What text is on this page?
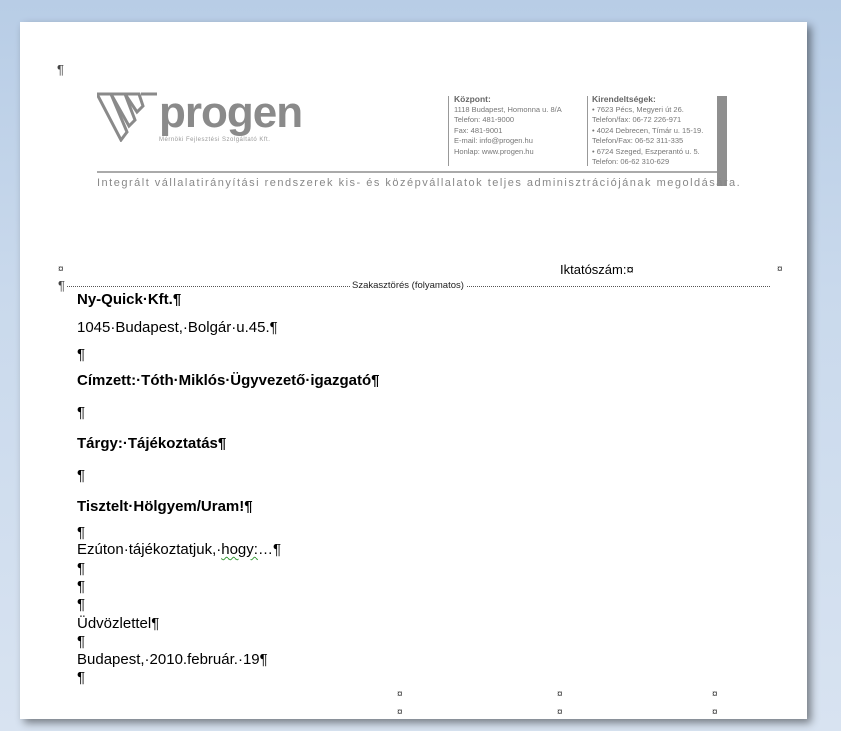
¶
progen
Mérnöki Fejlesztési Szolgáltató Kft.
Központ:
1118 Budapest, Homonna u. 8/A
Telefon: 481-9000
Fax: 481-9001
E-mail: info@progen.hu
Honlap: www.progen.hu
Kirendeltségek:
• 7623 Pécs, Megyeri út 26.
Telefon/fax: 06-72 226-971
• 4024 Debrecen, Tímár u. 15-19.
Telefon/Fax: 06-52 311-335
• 6724 Szeged, Eszperantó u. 5.
Telefon: 06-62 310-629
Integrált vállalatirányítási rendszerek kis- és középvállalatok teljes adminisztrációjának megoldására.
¤	Iktatószám:¤	¤
¶	Szakasztörés (folyamatos)
Ny-Quick·Kft.¶
1045·Budapest,·Bolgár·u.45.¶
¶
Címzett:·Tóth·Miklós·Ügyvezető·igazgató¶
¶
Tárgy:·Tájékoztatás¶
¶
Tisztelt·Hölgyem/Uram!¶
¶
Ezúton·tájékoztatjuk,·hogy:…¶
¶
¶
¶
Üdvözlettel¶
¶
Budapest,·2010.február.·19¶
¶
¤	¤	¤
¤	¤	¤
